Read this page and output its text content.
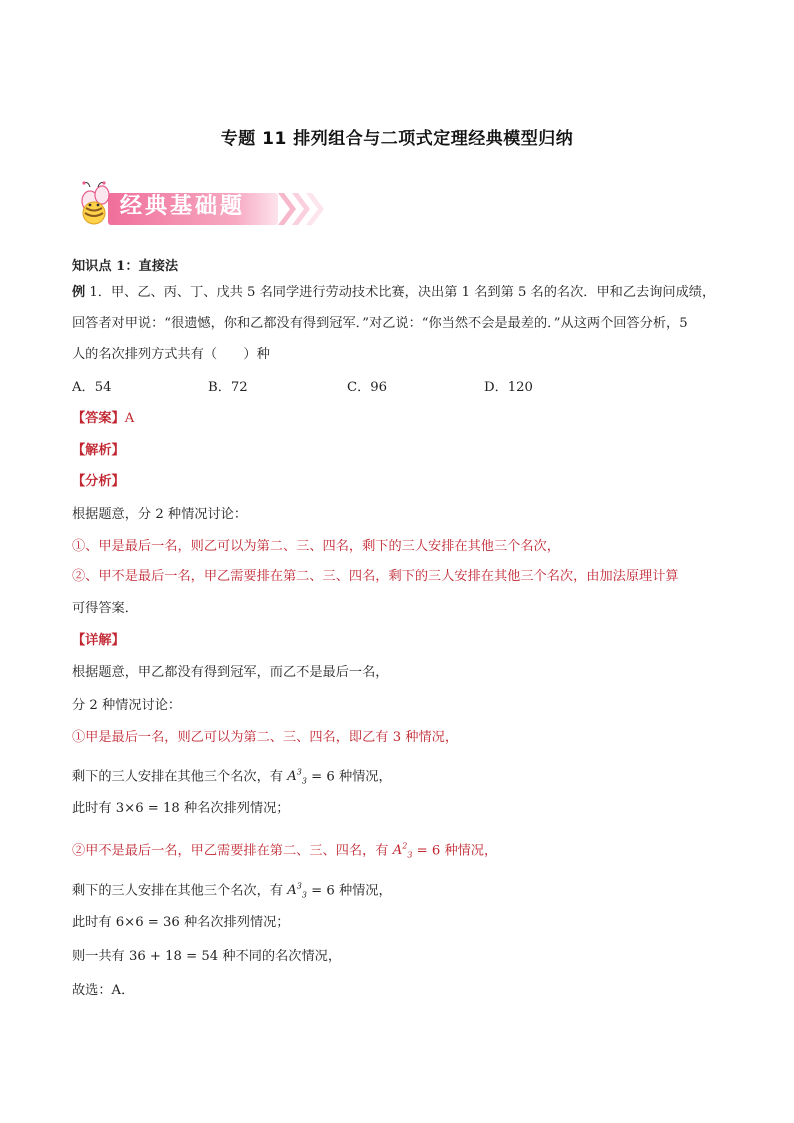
专题 11 排列组合与二项式定理经典模型归纳
经典基础题
知识点 1：直接法
例 1．甲、乙、丙、丁、戊共 5 名同学进行劳动技术比赛，决出第 1 名到第 5 名的名次．甲和乙去询问成绩，
回答者对甲说：“很遗憾，你和乙都没有得到冠军．”对乙说：“你当然不会是最差的．”从这两个回答分析，5
人的名次排列方式共有（　　）种
A．54	B．72	C．96	D．120
【答案】A
【解析】
【分析】
根据题意，分 2 种情况讨论：
①、甲是最后一名，则乙可以为第二、三、四名，剩下的三人安排在其他三个名次，
②、甲不是最后一名，甲乙需要排在第二、三、四名，剩下的三人安排在其他三个名次，由加法原理计算
可得答案．
【详解】
根据题意，甲乙都没有得到冠军，而乙不是最后一名，
分 2 种情况讨论：
①甲是最后一名，则乙可以为第二、三、四名，即乙有 3 种情况，
剩下的三人安排在其他三个名次，有 $A^3_3 = 6$ 种情况，
此时有 3×6 = 18 种名次排列情况；
②甲不是最后一名，甲乙需要排在第二、三、四名，有 $A^2_3 = 6$ 种情况，
剩下的三人安排在其他三个名次，有 $A^3_3 = 6$ 种情况，
此时有 6×6 = 36 种名次排列情况；
则一共有 36 + 18 = 54 种不同的名次情况，
故选：A．
